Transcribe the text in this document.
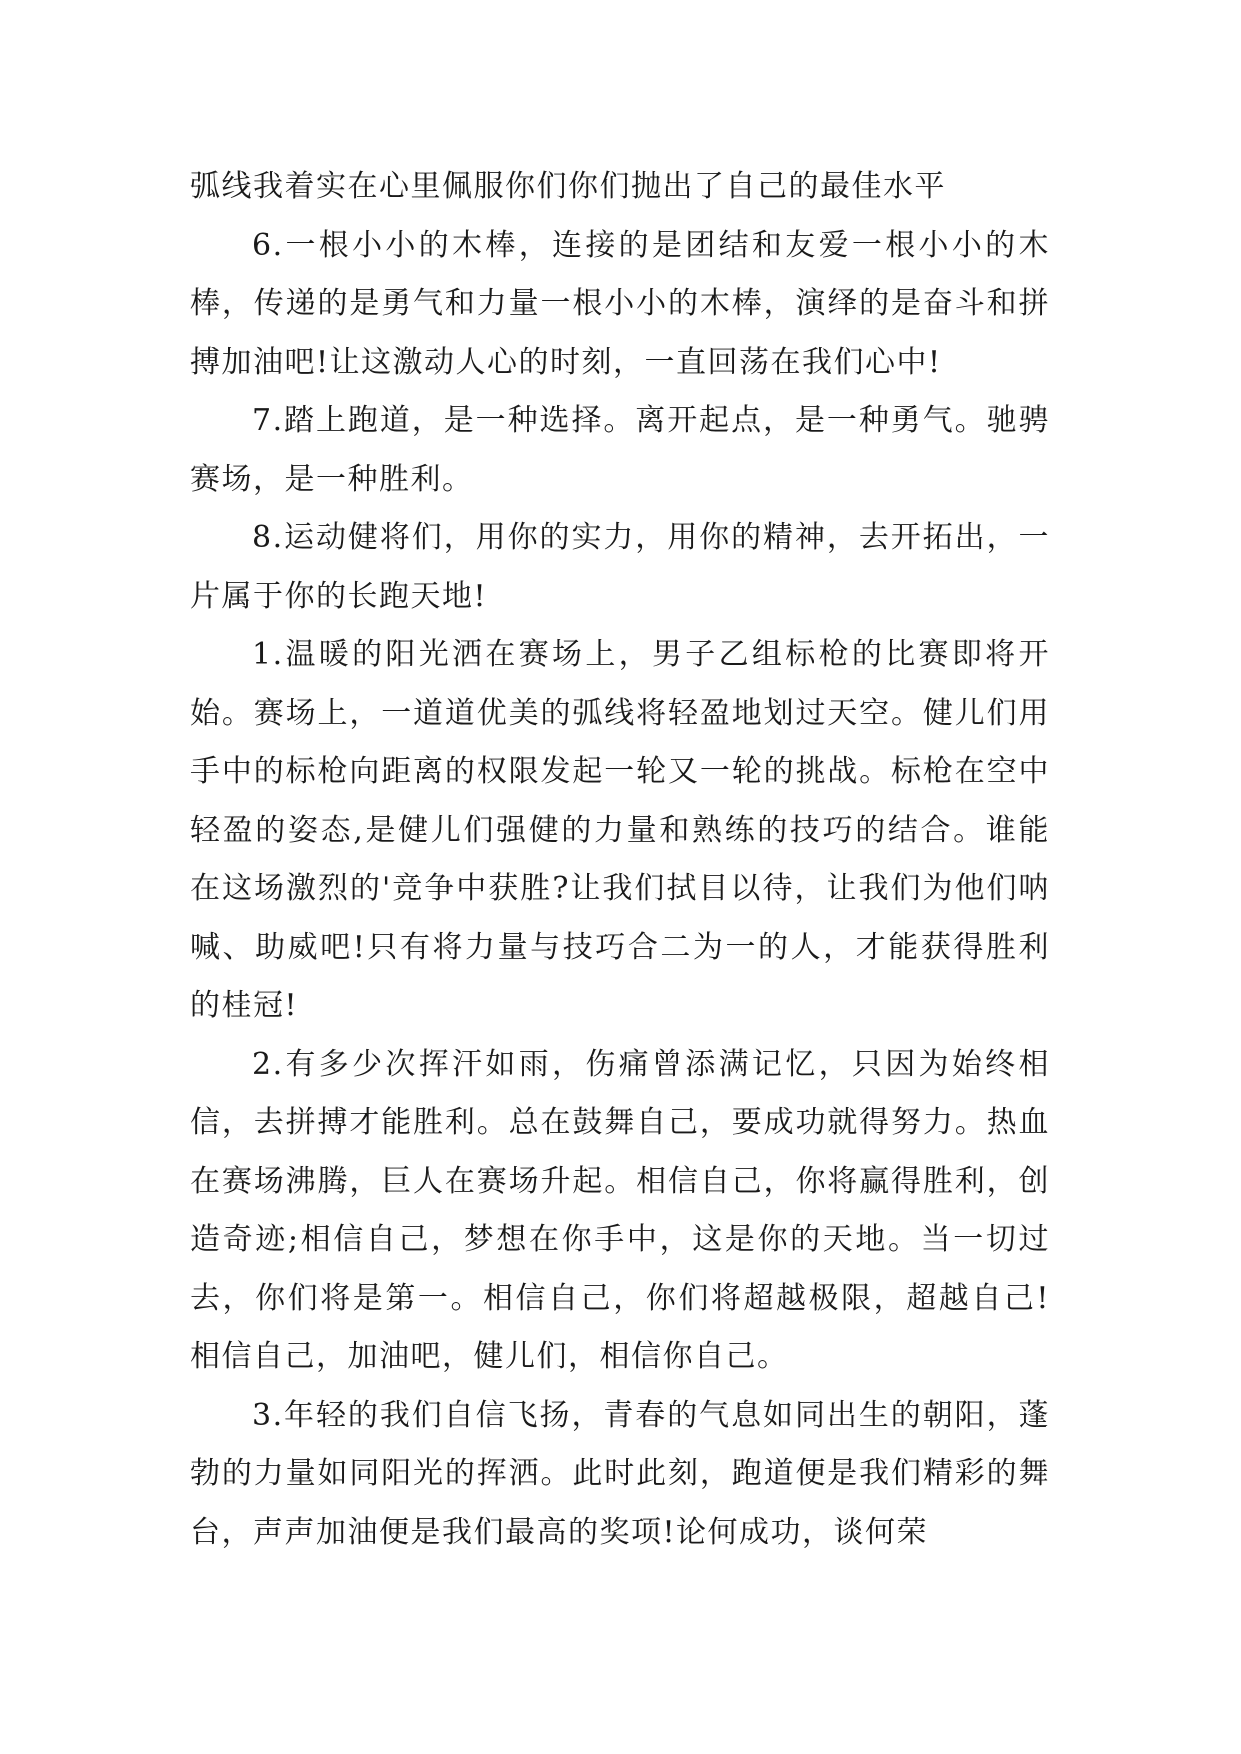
弧线我着实在心里佩服你们你们抛出了自己的最佳水平

6.一根小小的木棒，连接的是团结和友爱一根小小的木棒，传递的是勇气和力量一根小小的木棒，演绎的是奋斗和拼搏加油吧!让这激动人心的时刻，一直回荡在我们心中!

7.踏上跑道，是一种选择。离开起点，是一种勇气。驰骋赛场，是一种胜利。

8.运动健将们，用你的实力，用你的精神，去开拓出，一片属于你的长跑天地!

1.温暖的阳光洒在赛场上，男子乙组标枪的比赛即将开始。赛场上，一道道优美的弧线将轻盈地划过天空。健儿们用手中的标枪向距离的权限发起一轮又一轮的挑战。标枪在空中轻盈的姿态,是健儿们强健的力量和熟练的技巧的结合。谁能在这场激烈的'竞争中获胜?让我们拭目以待，让我们为他们呐喊、助威吧!只有将力量与技巧合二为一的人，才能获得胜利的桂冠!

2.有多少次挥汗如雨，伤痛曾添满记忆，只因为始终相信，去拼搏才能胜利。总在鼓舞自己，要成功就得努力。热血在赛场沸腾，巨人在赛场升起。相信自己，你将赢得胜利，创造奇迹;相信自己，梦想在你手中，这是你的天地。当一切过去，你们将是第一。相信自己，你们将超越极限，超越自己!相信自己，加油吧，健儿们，相信你自己。

3.年轻的我们自信飞扬，青春的气息如同出生的朝阳，蓬勃的力量如同阳光的挥洒。此时此刻，跑道便是我们精彩的舞台，声声加油便是我们最高的奖项!论何成功，谈何荣
